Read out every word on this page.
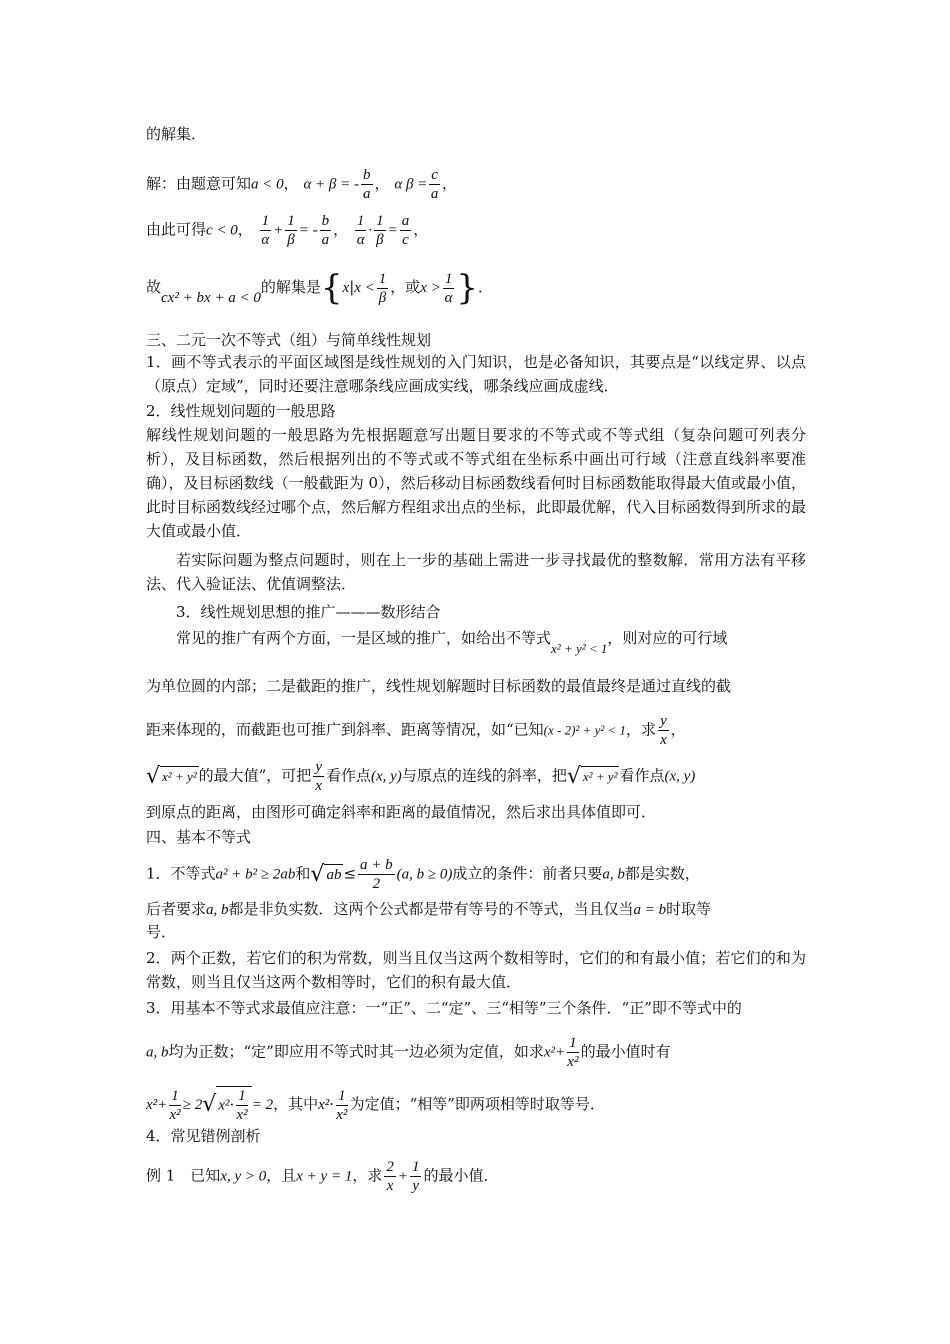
的解集．
解：由题意可知a < 0， α + β = - $\frac{b}{a}$ ， α $\beta = \frac{c}{a}$ ，
由此可得c < 0， $\frac{1}{\alpha} + \frac{1}{\beta}$ = - $\frac{b}{a}$ ， $\frac{1}{\alpha} \cdot \frac{1}{\beta} = \frac{a}{c}$ ，
故cx² + bx + a < 0的解集是{$x|x < \frac{1}{\beta}$ ，或$x > \frac{1}{\alpha}$ }．
三、二元一次不等式（组）与简单线性规划
1．画不等式表示的平面区域图是线性规划的入门知识，也是必备知识，其要点是“以线定界、以点（原点）定域”，同时还要注意哪条线应画成实线，哪条线应画成虚线．
2．线性规划问题的一般思路
解线性规划问题的一般思路为先根据题意写出题目要求的不等式或不等式组（复杂问题可列表分析），及目标函数，然后根据列出的不等式或不等式组在坐标系中画出可行域（注意直线斜率要准确），及目标函数线（一般截距为 0），然后移动目标函数线看何时目标函数能取得最大值或最小值，此时目标函数线经过哪个点，然后解方程组求出点的坐标，此即最优解，代入目标函数得到所求的最大值或最小值．
若实际问题为整点问题时，则在上一步的基础上需进一步寻找最优的整数解．常用方法有平移法、代入验证法、优值调整法．
3．线性规划思想的推广———数形结合
常见的推广有两个方面，一是区域的推广，如给出不等式x² + y² < 1，则对应的可行域
为单位圆的内部；二是截距的推广，线性规划解题时目标函数的最值最终是通过直线的截
距来体现的，而截距也可推广到斜率、距离等情况，如“已知(x - 2)² + y² < 1，求 $\frac{y}{x}$ ，
√ x² + y² 的最大值”，可把 $\frac{y}{x}$ 看作点(x, y)与原点的连线的斜率，把√ x² + y² 看作点(x, y)
到原点的距离，由图形可确定斜率和距离的最值情况，然后求出具体值即可．
四、基本不等式
1．不等式a² + b² ≥ 2ab和√ ab ≤ $\frac{a + b}{2} (a$, b ≥ 0)成立的条件：前者只要a, b都是实数，
后者要求a, b都是非负实数．这两个公式都是带有等号的不等式，当且仅当a = b时取等
号．
2．两个正数，若它们的积为常数，则当且仅当这两个数相等时，它们的和有最小值；若它们的和为常数，则当且仅当这两个数相等时，它们的积有最大值．
3．用基本不等式求最值应注意：一“正”、二“定”、三“相等”三个条件．“正”即不等式中的
a, b均为正数；“定”即应用不等式时其一边必须为定值，如求$x^2+ \frac{1}{\text{x²}}$ 的最小值时有
$x^2+ \frac{1}{\text{x²}} \ge 2√$ $x^2\cdot \frac{1}{\text{x²}} = 2$，其中$x^2\cdot \frac{1}{\text{x²}}$ 为定值；“相等”即两项相等时取等号．
4．常见错例剖析
例 1　已知x, y > 0，且x + y = 1，求 $\frac{2}{x} + \frac{1}{y}$ 的最小值．
